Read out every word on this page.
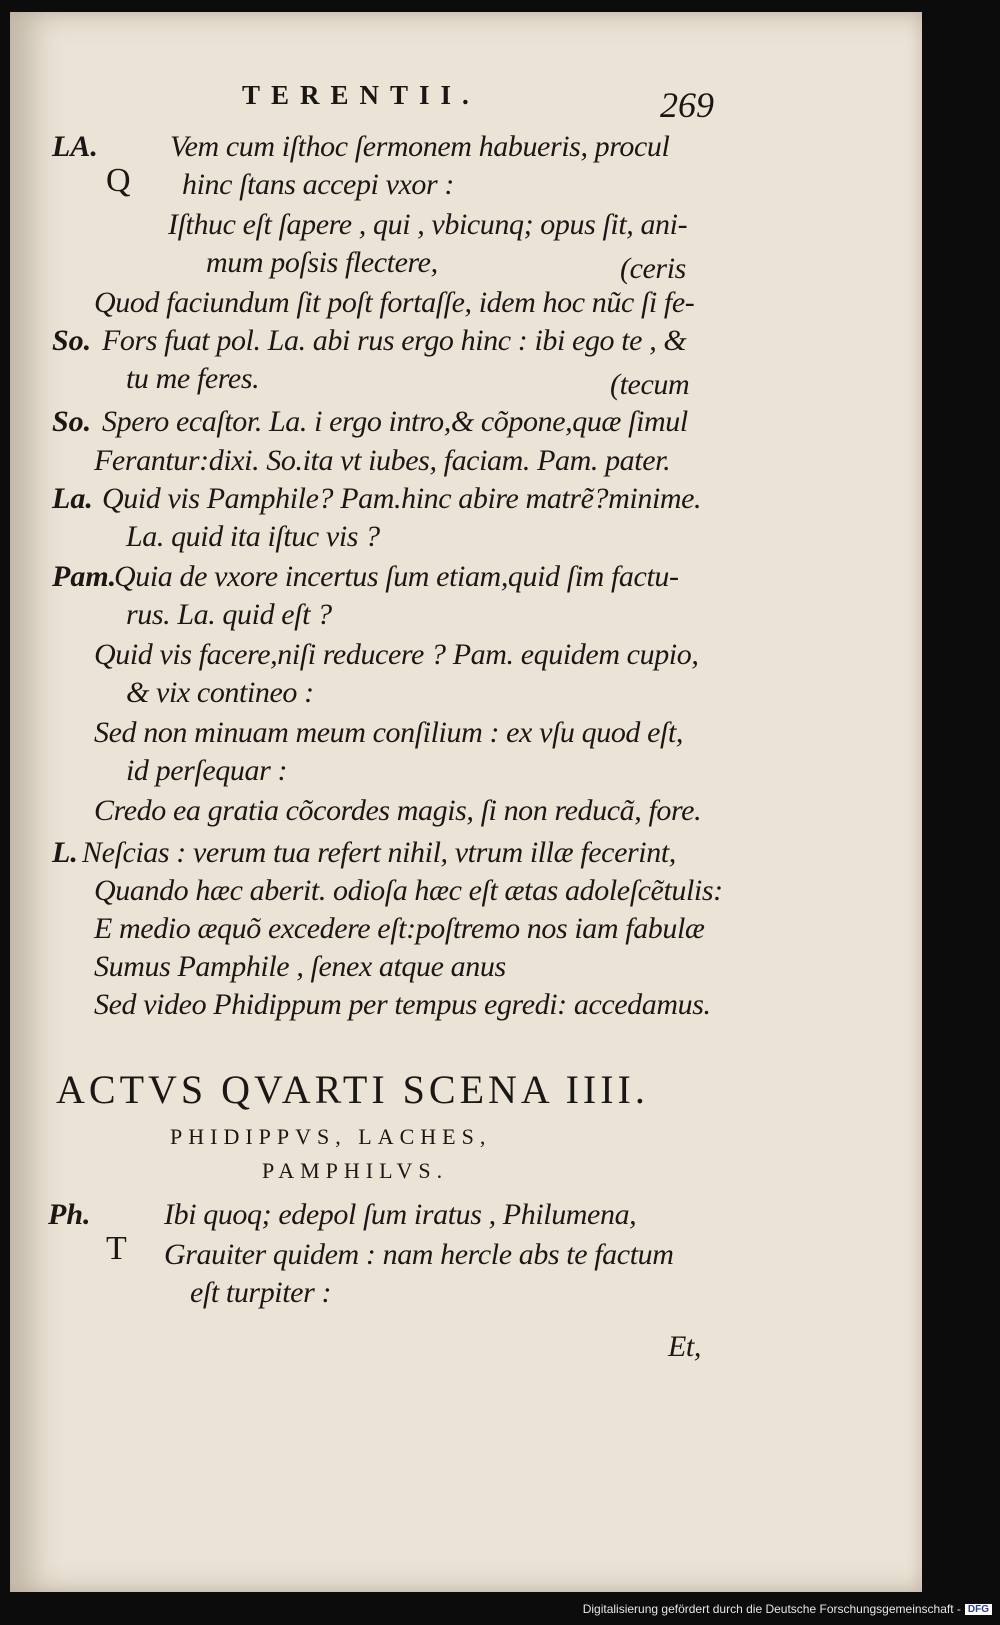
TERENTII.	269
LA.
Q
So.
So.
La.
Pam.
L.
Vem cum iſthoc ſermonem habueris, procul
hinc ſtans accepi vxor :
Iſthuc eſt ſapere , qui , vbicunq; opus ſit, ani-
mum poſsis flectere,	(ceris
Quod faciundum ſit poſt fortaſſe, idem hoc nũc ſi fe-
Fors fuat pol. La. abi rus ergo hinc : ibi ego te , &
tu me feres.	(tecum
Spero ecaſtor. La. i ergo intro,& cõpone,quæ ſimul
Ferantur:dixi. So.ita vt iubes, faciam. Pam. pater.
Quid vis Pamphile? Pam.hinc abire matrẽ?minime.
La. quid ita iſtuc vis ?
Quia de vxore incertus ſum etiam,quid ſim factu-
rus. La. quid eſt ?
Quid vis facere,niſi reducere ? Pam. equidem cupio,
& vix contineo :
Sed non minuam meum conſilium : ex vſu quod eſt,
id perſequar :
Credo ea gratia cõcordes magis, ſi non reducã, fore.
Neſcias : verum tua refert nihil, vtrum illæ fecerint,
Quando hæc aberit. odioſa hæc eſt ætas adoleſcẽtulis:
E medio æquõ excedere eſt:poſtremo nos iam fabulæ
Sumus Pamphile , ſenex atque anus
Sed video Phidippum per tempus egredi: accedamus.
ACTVS QVARTI SCENA IIII.
PHIDIPPVS, LACHES,
PAMPHILVS.
Ph.
T
Ibi quoq; edepol ſum iratus , Philumena,
Grauiter quidem : nam hercle abs te factum
eſt turpiter :
Et,
Digitalisierung gefördert durch die Deutsche Forschungsgemeinschaft - DFG
